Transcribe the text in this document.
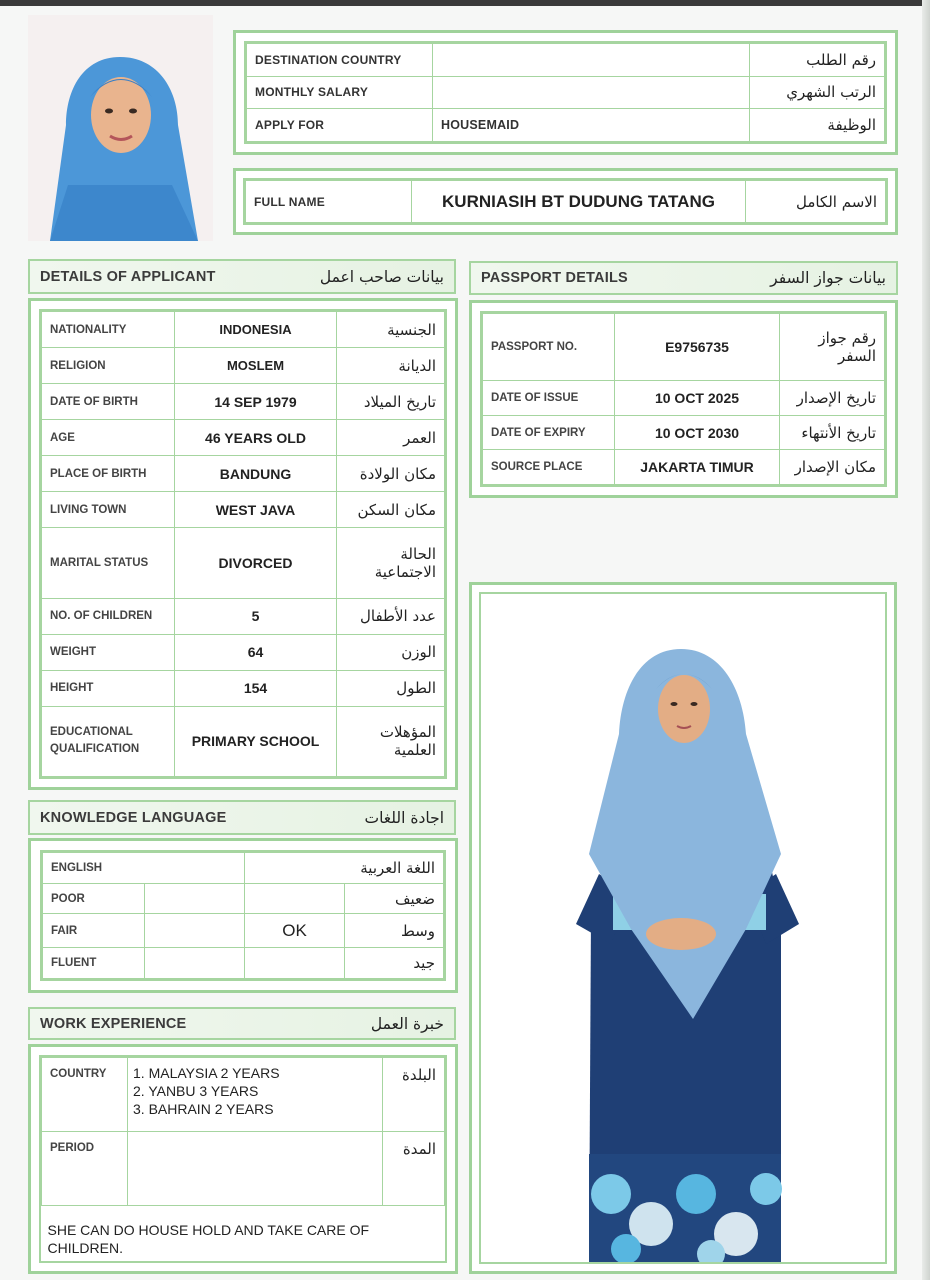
DESTINATION COUNTRY		رقم الطلب
MONTHLY SALARY		الرتب الشهري
APPLY FOR	HOUSEMAID	الوظيفة
FULL NAME	KURNIASIH BT DUDUNG TATANG	الاسم الكامل
DETAILS OF APPLICANT	بيانات صاحب اعمل
NATIONALITY	INDONESIA	الجنسية
RELIGION	MOSLEM	الديانة
DATE OF BIRTH	14 SEP 1979	تاريخ الميلاد
AGE	46 YEARS OLD	العمر
PLACE OF BIRTH	BANDUNG	مكان الولادة
LIVING TOWN	WEST JAVA	مكان السكن
MARITAL STATUS	DIVORCED	الحالة الاجتماعية
NO. OF CHILDREN	5	عدد الأطفال
WEIGHT	64	الوزن
HEIGHT	154	الطول
EDUCATIONAL QUALIFICATION	PRIMARY SCHOOL	المؤهلات العلمية
PASSPORT DETAILS	بيانات جواز السفر
PASSPORT NO.	E9756735	رقم جواز السفر
DATE OF ISSUE	10 OCT 2025	تاريخ الإصدار
DATE OF EXPIRY	10 OCT 2030	تاريخ الأنتهاء
SOURCE PLACE	JAKARTA TIMUR	مكان الإصدار
KNOWLEDGE LANGUAGE	اجادة اللغات
ENGLISH		اللغة العربية	
POOR			ضعيف
FAIR		OK	وسط
FLUENT			جيد
WORK EXPERIENCE	خبرة العمل
COUNTRY	1. MALAYSIA 2 YEARS
2. YANBU 3 YEARS
3. BAHRAIN 2 YEARS	البلدة
PERIOD		المدة
SHE CAN DO HOUSE HOLD AND TAKE CARE OF CHILDREN.		
